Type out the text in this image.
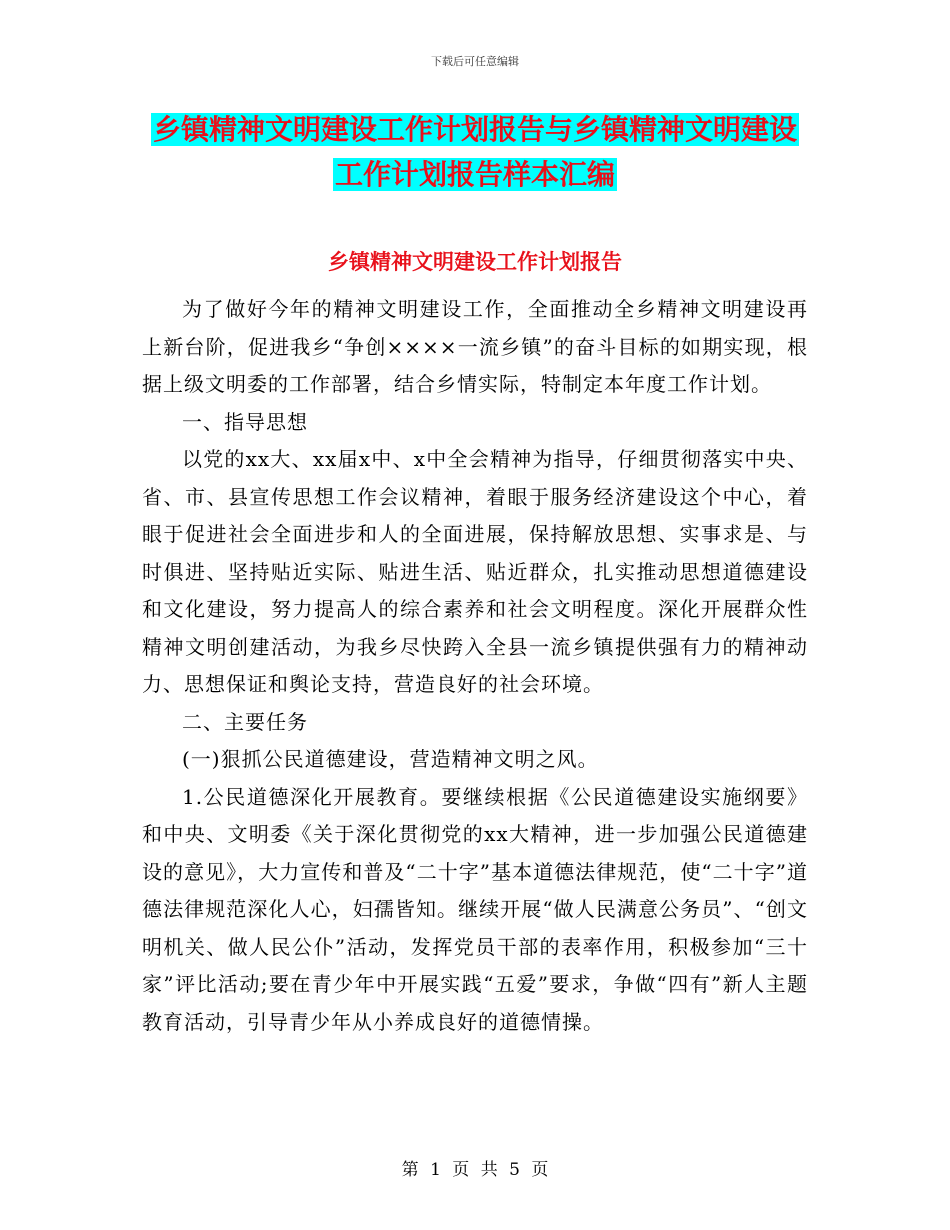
下载后可任意编辑
乡镇精神文明建设工作计划报告与乡镇精神文明建设
工作计划报告样本汇编
乡镇精神文明建设工作计划报告

为了做好今年的精神文明建设工作，全面推动全乡精神文明建设再上新台阶，促进我乡“争创××××一流乡镇”的奋斗目标的如期实现，根据上级文明委的工作部署，结合乡情实际，特制定本年度工作计划。

一、指导思想

以党的xx大、xx届x中、x中全会精神为指导，仔细贯彻落实中央、省、市、县宣传思想工作会议精神，着眼于服务经济建设这个中心，着眼于促进社会全面进步和人的全面进展，保持解放思想、实事求是、与时俱进、坚持贴近实际、贴进生活、贴近群众，扎实推动思想道德建设和文化建设，努力提高人的综合素养和社会文明程度。深化开展群众性精神文明创建活动，为我乡尽快跨入全县一流乡镇提供强有力的精神动力、思想保证和舆论支持，营造良好的社会环境。

二、主要任务

(一)狠抓公民道德建设，营造精神文明之风。

1.公民道德深化开展教育。要继续根据《公民道德建设实施纲要》和中央、文明委《关于深化贯彻党的xx大精神，进一步加强公民道德建设的意见》，大力宣传和普及“二十字”基本道德法律规范，使“二十字”道德法律规范深化人心，妇孺皆知。继续开展“做人民满意公务员”、“创文明机关、做人民公仆”活动，发挥党员干部的表率作用，积极参加“三十家”评比活动;要在青少年中开展实践“五爱”要求，争做“四有”新人主题教育活动，引导青少年从小养成良好的道德情操。

第 1 页 共 5 页
